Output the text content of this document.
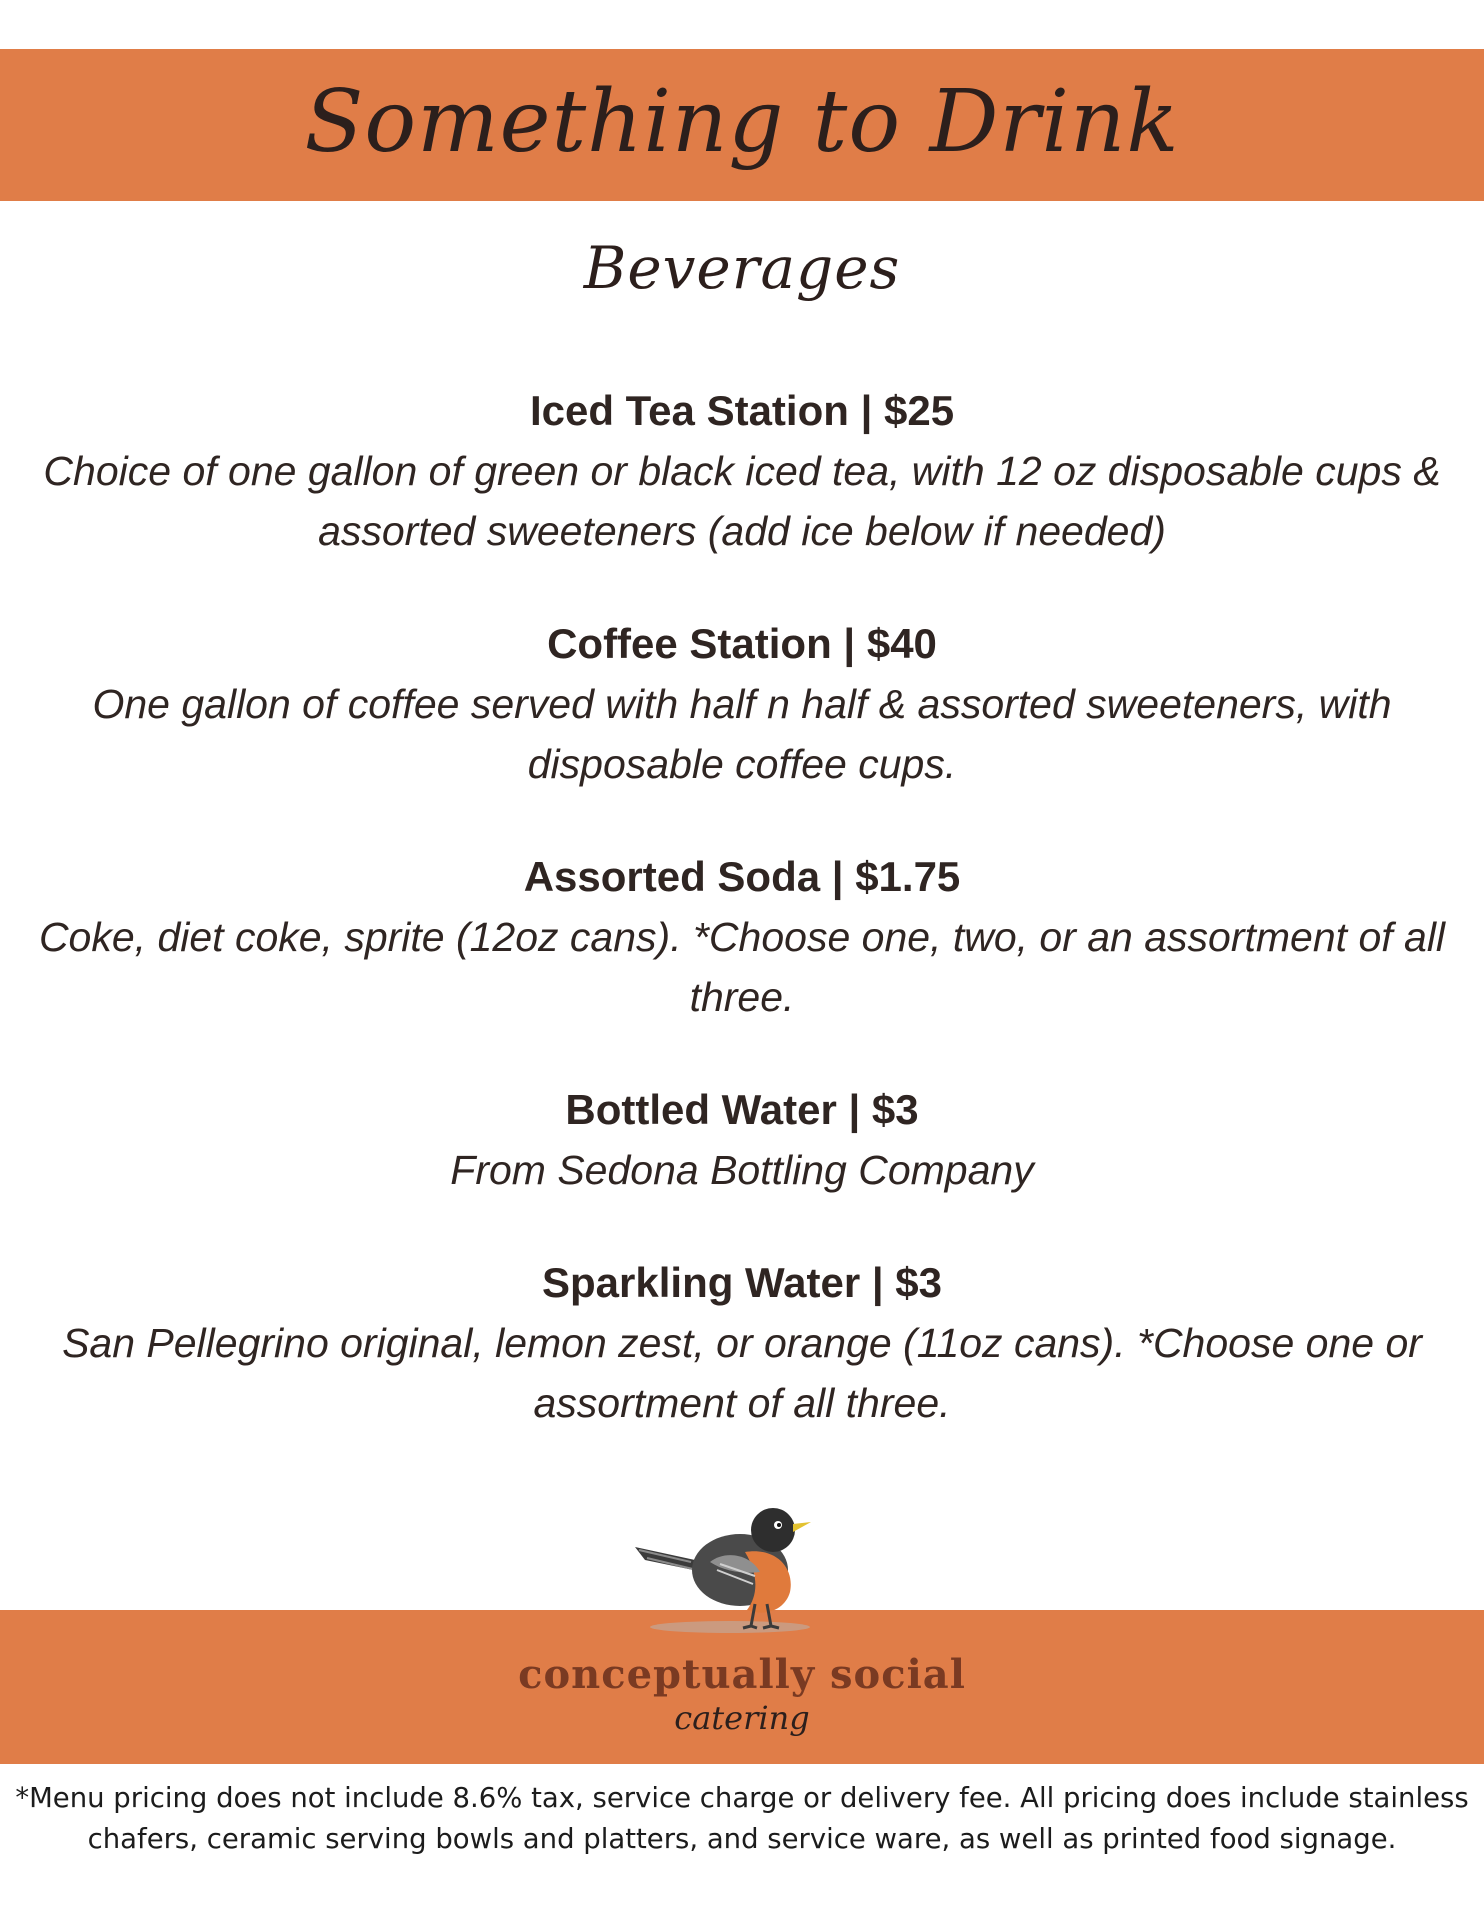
Something to Drink
Beverages
Iced Tea Station | $25
Choice of one gallon of green or black iced tea, with 12 oz disposable cups & assorted sweeteners (add ice below if needed)
Coffee Station | $40
One gallon of coffee served with half n half & assorted sweeteners, with disposable coffee cups.
Assorted Soda | $1.75
Coke, diet coke, sprite (12oz cans). *Choose one, two, or an assortment of all three.
Bottled Water | $3
From Sedona Bottling Company
Sparkling Water | $3
San Pellegrino original, lemon zest, or orange (11oz cans). *Choose one or assortment of all three.
conceptually social
catering

*Menu pricing does not include 8.6% tax, service charge or delivery fee. All pricing does include stainless chafers, ceramic serving bowls and platters, and service ware, as well as printed food signage.
